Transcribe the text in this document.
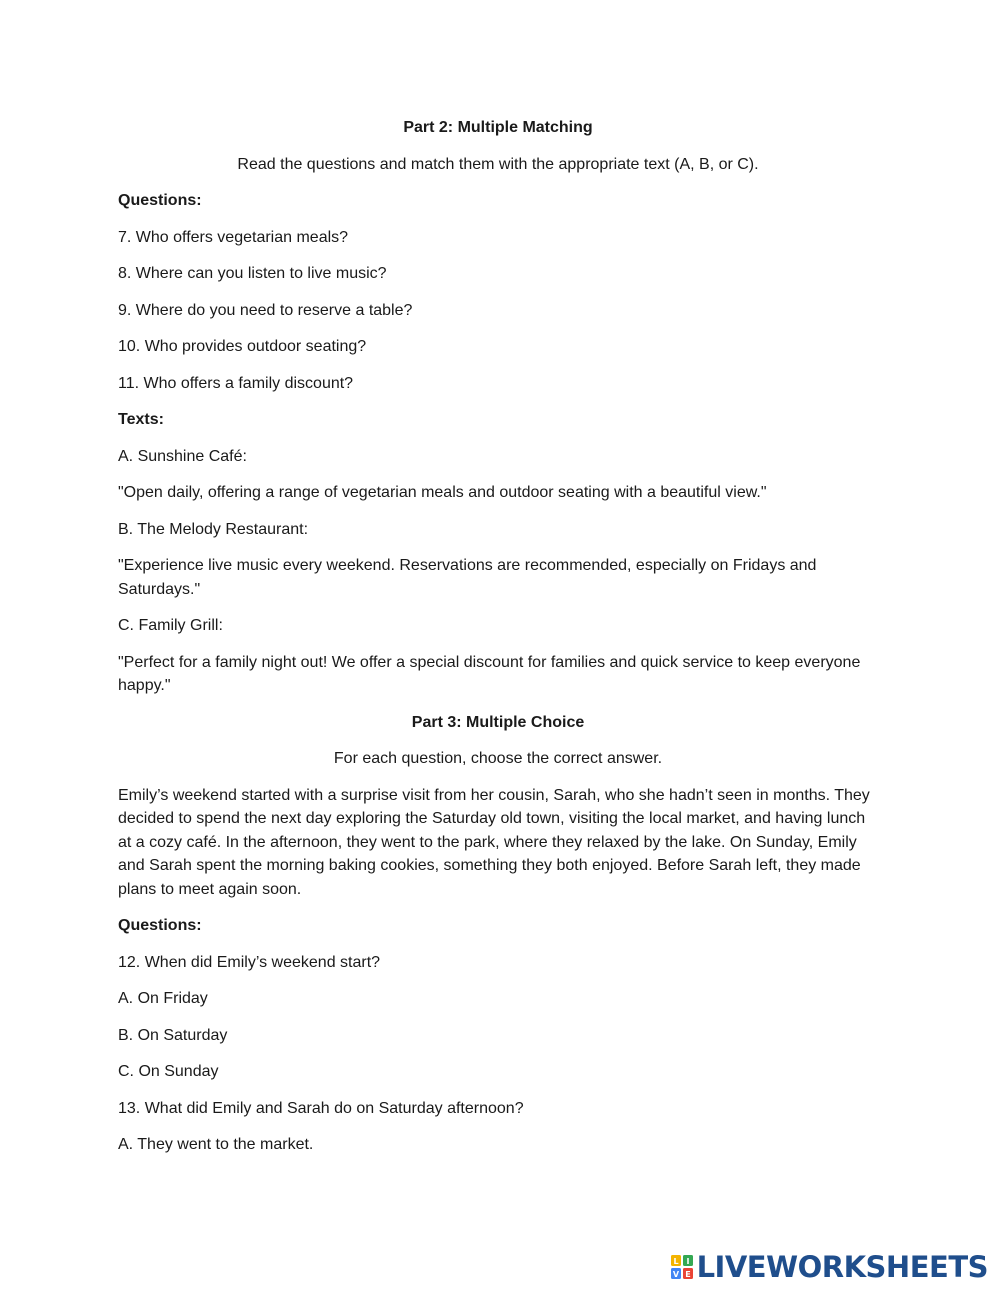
Part 2: Multiple Matching

Read the questions and match them with the appropriate text (A, B, or C).

Questions:

7. Who offers vegetarian meals?

8. Where can you listen to live music?

9. Where do you need to reserve a table?

10. Who provides outdoor seating?

11. Who offers a family discount?

Texts:

A. Sunshine Café:

"Open daily, offering a range of vegetarian meals and outdoor seating with a beautiful view."

B. The Melody Restaurant:

"Experience live music every weekend. Reservations are recommended, especially on Fridays and Saturdays."

C. Family Grill:

"Perfect for a family night out! We offer a special discount for families and quick service to keep everyone happy."

Part 3: Multiple Choice

For each question, choose the correct answer.

Emily’s weekend started with a surprise visit from her cousin, Sarah, who she hadn’t seen in months. They decided to spend the next day exploring the Saturday old town, visiting the local market, and having lunch at a cozy café. In the afternoon, they went to the park, where they relaxed by the lake. On Sunday, Emily and Sarah spent the morning baking cookies, something they both enjoyed. Before Sarah left, they made plans to meet again soon.

Questions:

12. When did Emily’s weekend start?

A. On Friday

B. On Saturday

C. On Sunday

13. What did Emily and Sarah do on Saturday afternoon?

A. They went to the market.

L I
V E LIVEWORKSHEETS
